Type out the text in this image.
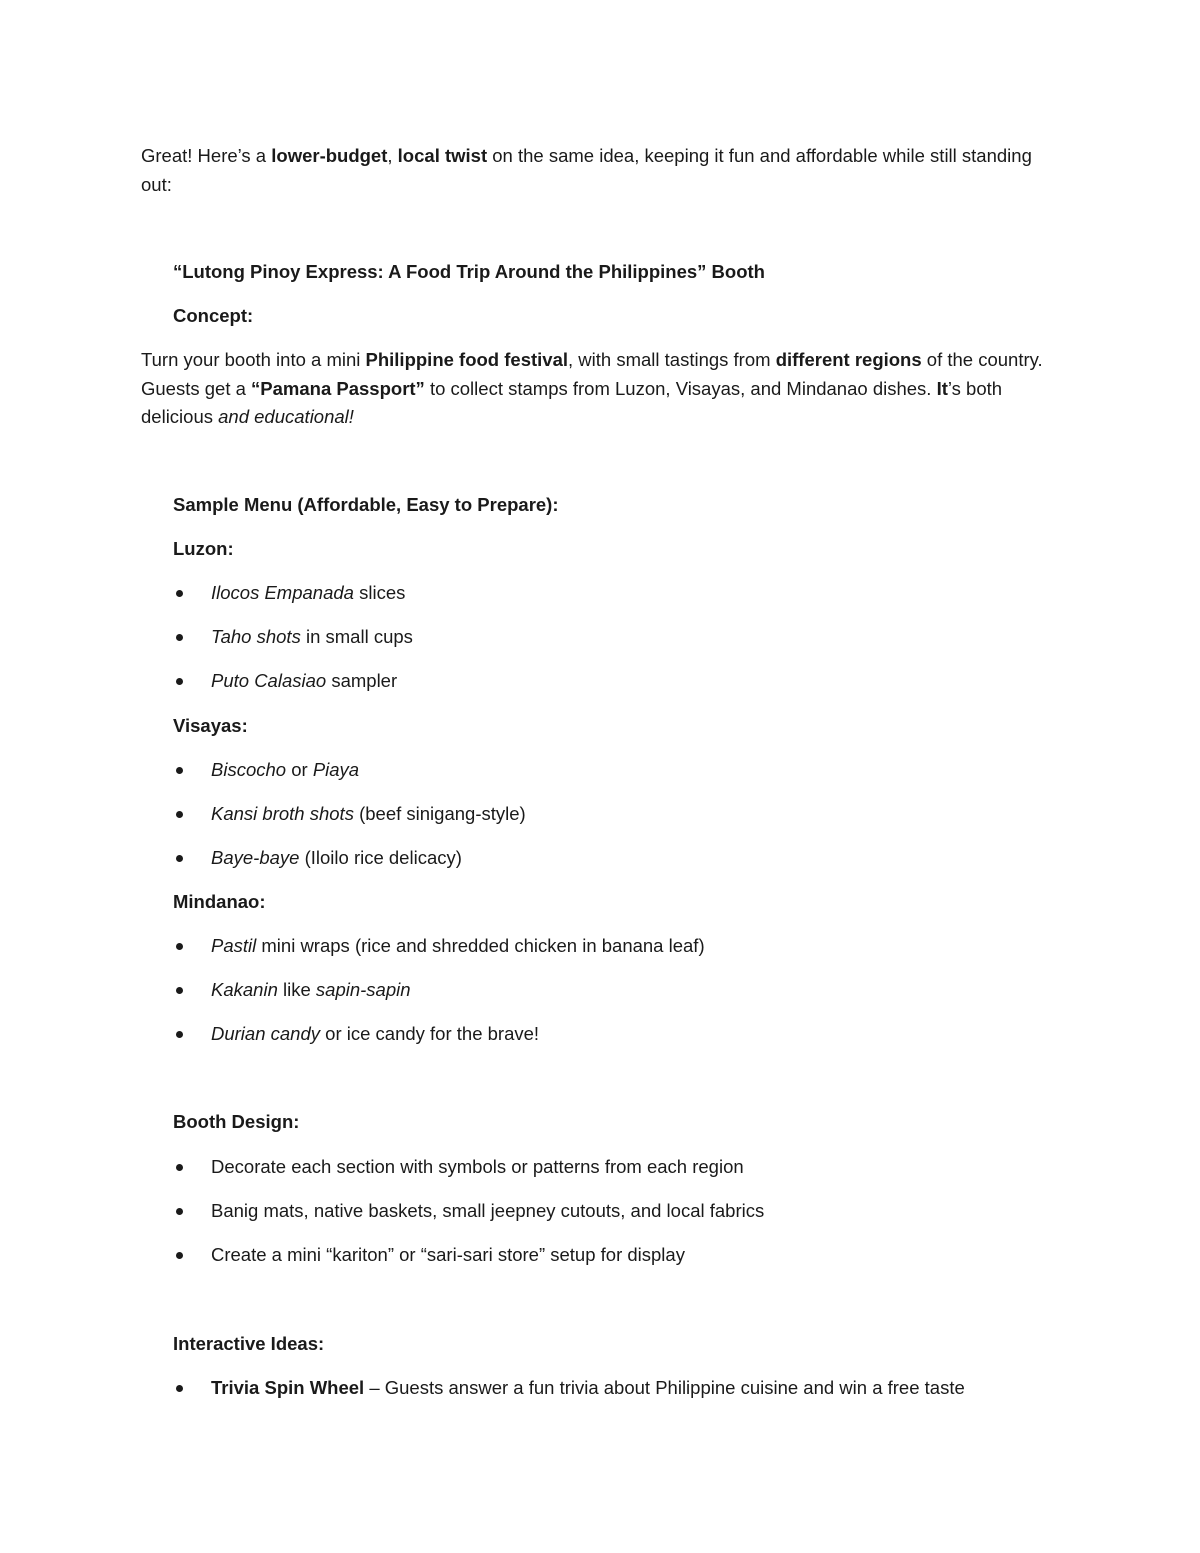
Great! Here’s a lower-budget, local twist on the same idea, keeping it fun and affordable while still standing out:

“Lutong Pinoy Express: A Food Trip Around the Philippines” Booth

Concept:

Turn your booth into a mini Philippine food festival, with small tastings from different regions of the country. Guests get a “Pamana Passport” to collect stamps from Luzon, Visayas, and Mindanao dishes. It’s both delicious and educational!

Sample Menu (Affordable, Easy to Prepare):

Luzon:

Ilocos Empanada slices
Taho shots in small cups
Puto Calasiao sampler

Visayas:

Biscocho or Piaya
Kansi broth shots (beef sinigang-style)
Baye-baye (Iloilo rice delicacy)

Mindanao:

Pastil mini wraps (rice and shredded chicken in banana leaf)
Kakanin like sapin-sapin
Durian candy or ice candy for the brave!

Booth Design:

Decorate each section with symbols or patterns from each region
Banig mats, native baskets, small jeepney cutouts, and local fabrics
Create a mini “kariton” or “sari-sari store” setup for display

Interactive Ideas:

Trivia Spin Wheel – Guests answer a fun trivia about Philippine cuisine and win a free taste
